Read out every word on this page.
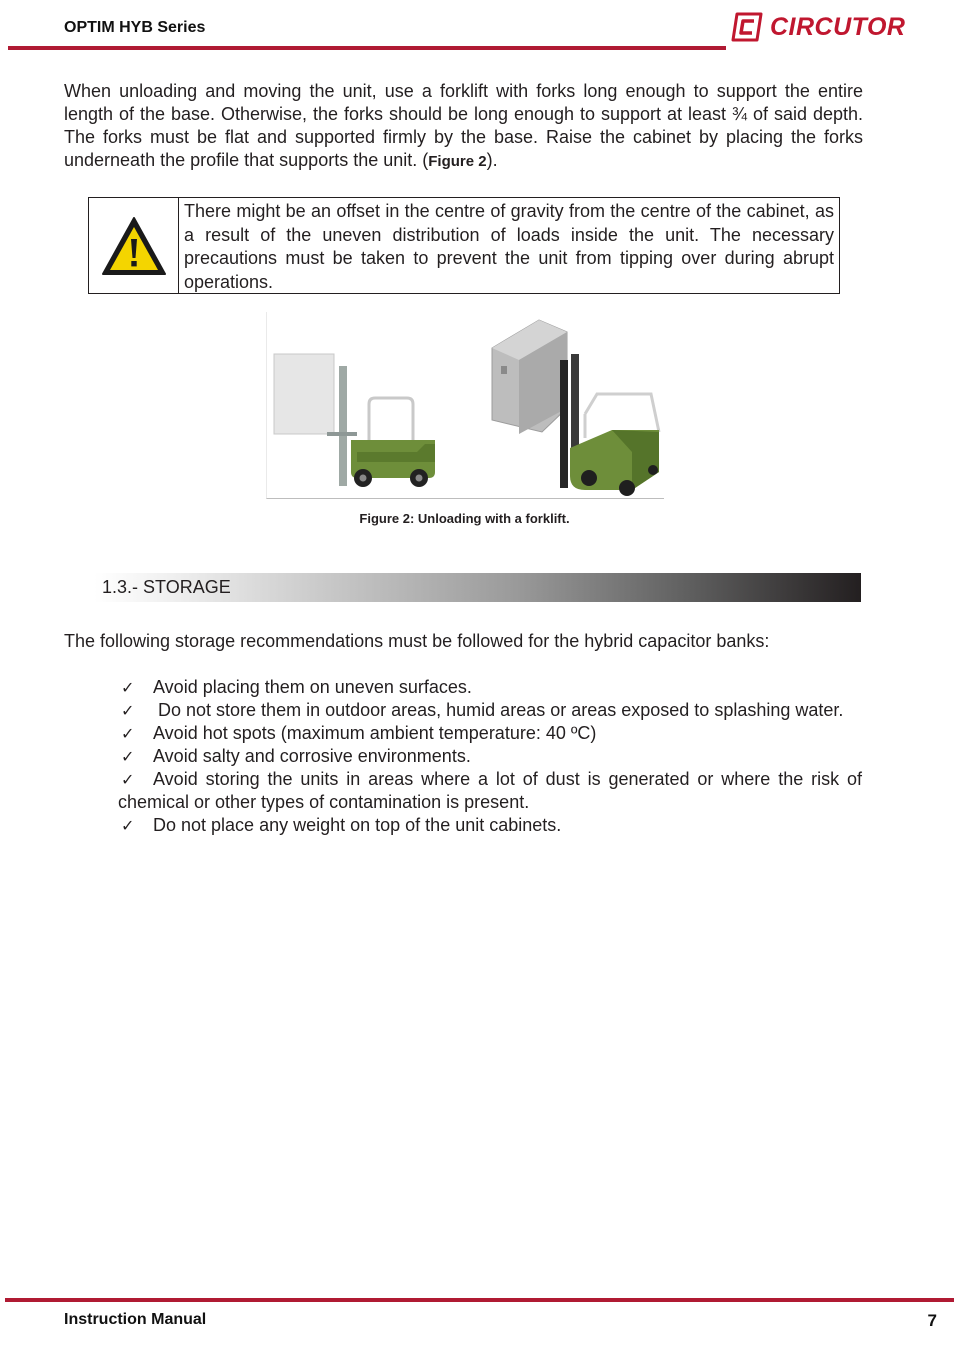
OPTIM HYB Series	CIRCUTOR

When unloading and moving the unit, use a forklift with forks long enough to support the entire length of the base. Otherwise, the forks should be long enough to support at least ¾ of said depth. The forks must be flat and supported firmly by the base. Raise the cabinet by placing the forks underneath the profile that supports the unit. (Figure 2).

There might be an offset in the centre of gravity from the centre of the cabinet, as a result of the uneven distribution of loads inside the unit. The necessary precautions must be taken to prevent the unit from tipping over during abrupt operations.
Figure 2: Unloading with a forklift.
1.3.- STORAGE

The following storage recommendations must be followed for the hybrid capacitor banks:

✓ Avoid placing them on uneven surfaces.
✓ Do not store them in outdoor areas, humid areas or areas exposed to splashing water.
✓ Avoid hot spots (maximum ambient temperature: 40 ºC)
✓ Avoid salty and corrosive environments.
✓ Avoid storing the units in areas where a lot of dust is generated or where the risk of chemical or other types of contamination is present.
✓ Do not place any weight on top of the unit cabinets.
Instruction Manual	7
